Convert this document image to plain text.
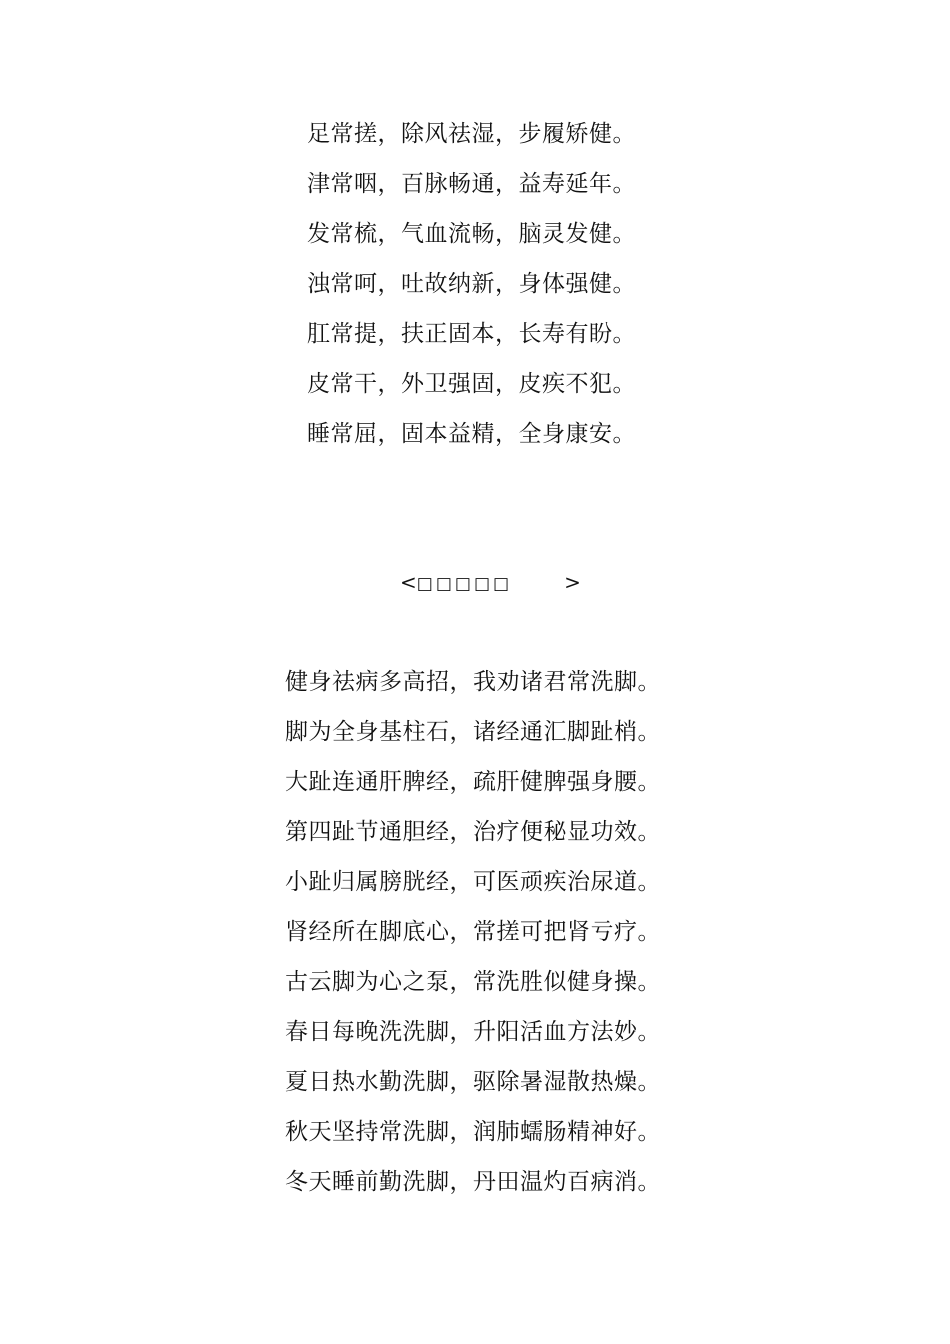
足常搓，除风祛湿，步履矫健。
津常咽，百脉畅通，益寿延年。
发常梳，气血流畅，脑灵发健。
浊常呵，吐故纳新，身体强健。
肛常提，扶正固本，长寿有盼。
皮常干，外卫强固，皮疾不犯。
睡常屈，固本益精，全身康安。
<□□□□□	>
健身祛病多高招，我劝诸君常洗脚。
脚为全身基柱石，诸经通汇脚趾梢。
大趾连通肝脾经，疏肝健脾强身腰。
第四趾节通胆经，治疗便秘显功效。
小趾归属膀胱经，可医顽疾治尿道。
肾经所在脚底心，常搓可把肾亏疗。
古云脚为心之泵，常洗胜似健身操。
春日每晚洗洗脚，升阳活血方法妙。
夏日热水勤洗脚，驱除暑湿散热燥。
秋天坚持常洗脚，润肺蠕肠精神好。
冬天睡前勤洗脚，丹田温灼百病消。
